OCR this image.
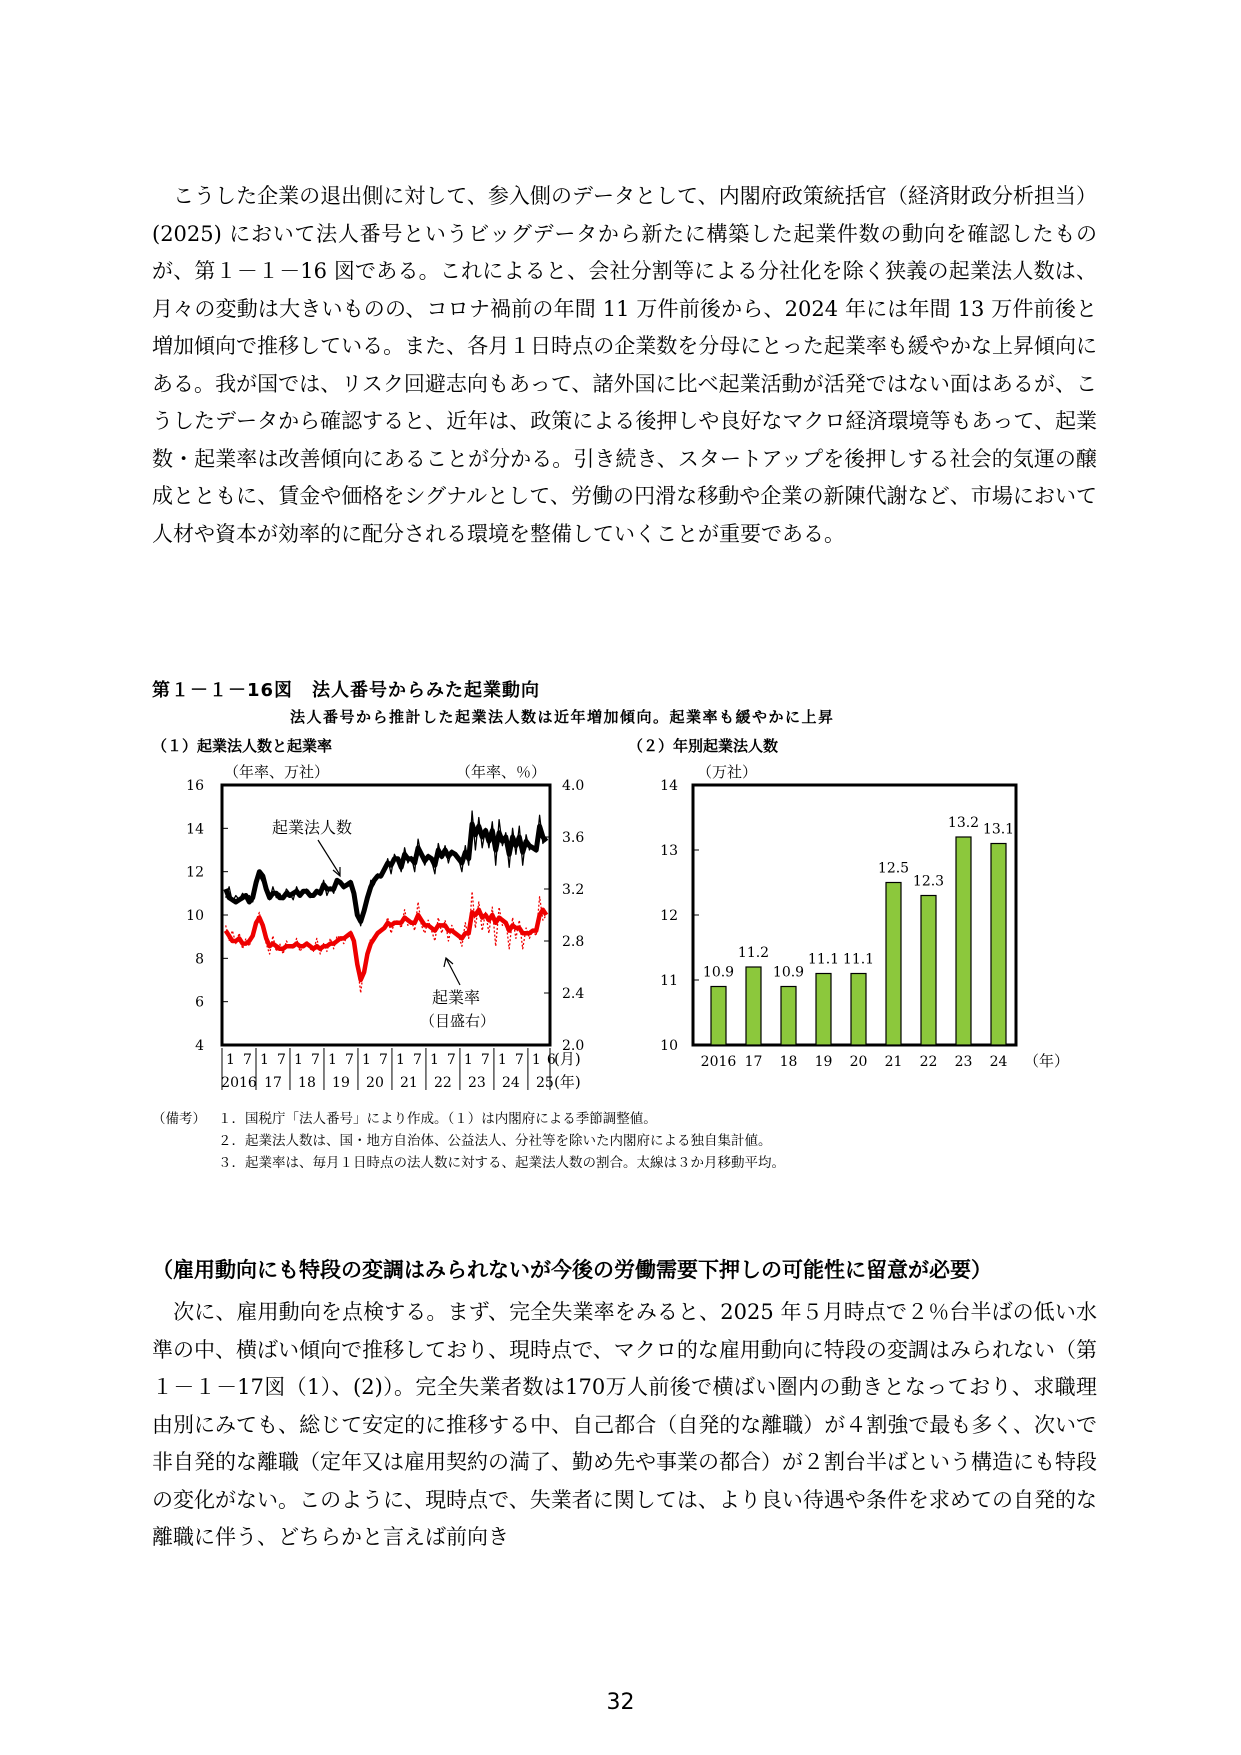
こうした企業の退出側に対して、参入側のデータとして、内閣府政策統括官（経済財政分析担当）(2025) において法人番号というビッグデータから新たに構築した起業件数の動向を確認したものが、第１－１－16 図である。これによると、会社分割等による分社化を除く狭義の起業法人数は、月々の変動は大きいものの、コロナ禍前の年間 11 万件前後から、2024 年には年間 13 万件前後と増加傾向で推移している。また、各月１日時点の企業数を分母にとった起業率も緩やかな上昇傾向にある。我が国では、リスク回避志向もあって、諸外国に比べ起業活動が活発ではない面はあるが、こうしたデータから確認すると、近年は、政策による後押しや良好なマクロ経済環境等もあって、起業数・起業率は改善傾向にあることが分かる。引き続き、スタートアップを後押しする社会的気運の醸成とともに、賃金や価格をシグナルとして、労働の円滑な移動や企業の新陳代謝など、市場において人材や資本が効率的に配分される環境を整備していくことが重要である。

第１－１－16図　法人番号からみた起業動向
法人番号から推計した起業法人数は近年増加傾向。起業率も緩やかに上昇
（１）起業法人数と起業率	（２）年別起業法人数
4
6
8
10
12
14
16
2.0
2.4
2.8
3.2
3.6
4.0
（年率、万社）	（年率、％）
起業法人数
起業率
（目盛右）
1 7 1 7 1 7 1 7 1 7 1 7 1 7 1 7 1 7 1 6
(月)
2016 17 18 19 20 21 22 23 24 25 (年)
10
11
12
13
14
（万社）
10.9
2016
11.2
17
10.9
18
11.1
19
11.1
20
12.5
21
12.3
22
13.2
23
13.1
24 （年）
（備考） １．国税庁「法人番号」により作成。（１）は内閣府による季節調整値。
２．起業法人数は、国・地方自治体、公益法人、分社等を除いた内閣府による独自集計値。
３．起業率は、毎月１日時点の法人数に対する、起業法人数の割合。太線は３か月移動平均。
（雇用動向にも特段の変調はみられないが今後の労働需要下押しの可能性に留意が必要）

次に、雇用動向を点検する。まず、完全失業率をみると、2025 年５月時点で２％台半ばの低い水準の中、横ばい傾向で推移しており、現時点で、マクロ的な雇用動向に特段の変調はみられない（第１－１－17図（1）、(2)）。完全失業者数は170万人前後で横ばい圏内の動きとなっており、求職理由別にみても、総じて安定的に推移する中、自己都合（自発的な離職）が４割強で最も多く、次いで非自発的な離職（定年又は雇用契約の満了、勤め先や事業の都合）が２割台半ばという構造にも特段の変化がない。このように、現時点で、失業者に関しては、より良い待遇や条件を求めての自発的な離職に伴う、どちらかと言えば前向き

32
